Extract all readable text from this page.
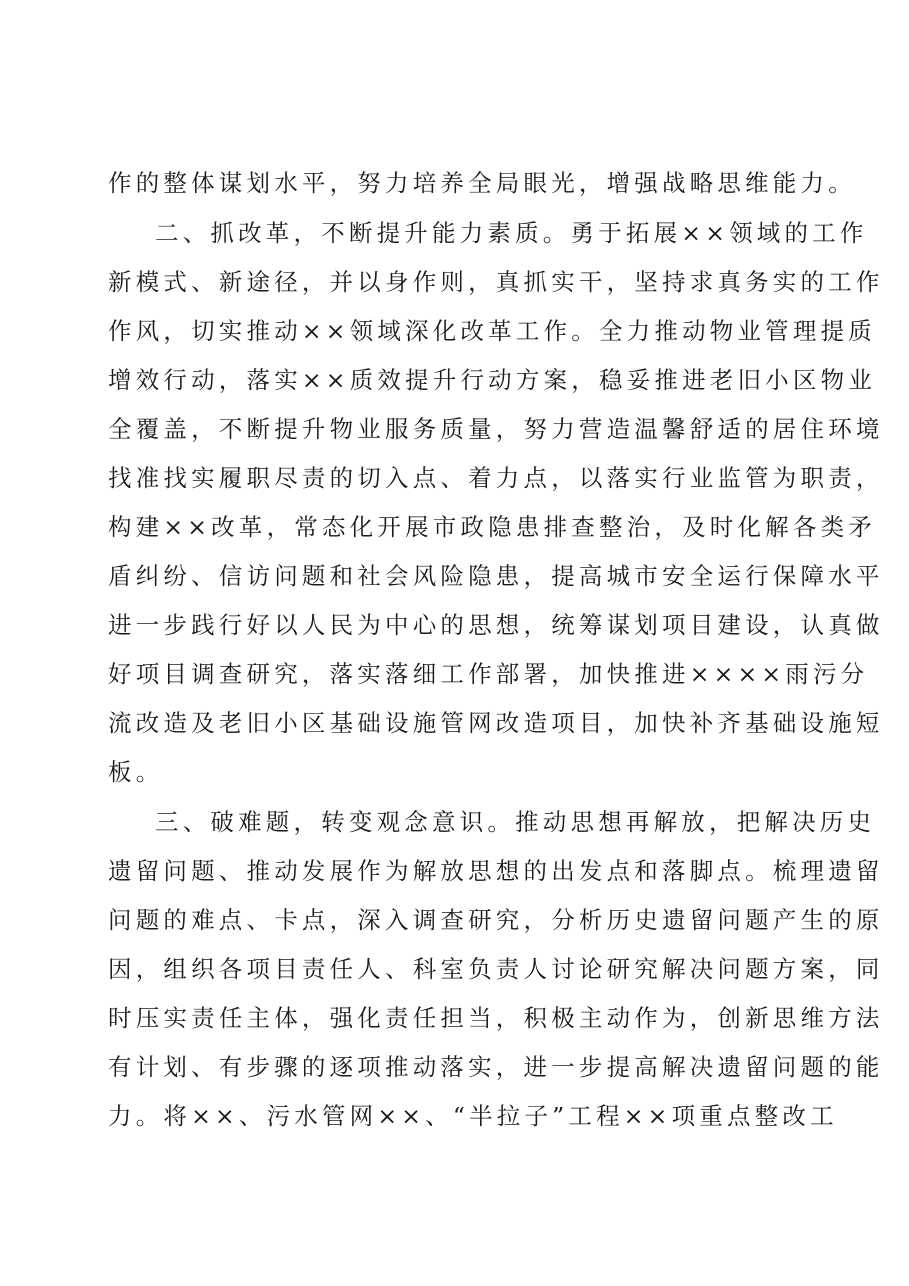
作的整体谋划水平，努力培养全局眼光，增强战略思维能力。
二、抓改革，不断提升能力素质。勇于拓展××领域的工作
新模式、新途径，并以身作则，真抓实干，坚持求真务实的工作
作风，切实推动××领域深化改革工作。全力推动物业管理提质
增效行动，落实××质效提升行动方案，稳妥推进老旧小区物业
全覆盖，不断提升物业服务质量，努力营造温馨舒适的居住环境
找准找实履职尽责的切入点、着力点，以落实行业监管为职责，
构建××改革，常态化开展市政隐患排查整治，及时化解各类矛
盾纠纷、信访问题和社会风险隐患，提高城市安全运行保障水平
进一步践行好以人民为中心的思想，统筹谋划项目建设，认真做
好项目调查研究，落实落细工作部署，加快推进××××雨污分
流改造及老旧小区基础设施管网改造项目，加快补齐基础设施短
板。
三、破难题，转变观念意识。推动思想再解放，把解决历史
遗留问题、推动发展作为解放思想的出发点和落脚点。梳理遗留
问题的难点、卡点，深入调查研究，分析历史遗留问题产生的原
因，组织各项目责任人、科室负责人讨论研究解决问题方案，同
时压实责任主体，强化责任担当，积极主动作为，创新思维方法
有计划、有步骤的逐项推动落实，进一步提高解决遗留问题的能
力。将××、污水管网××、“半拉子”工程××项重点整改工
